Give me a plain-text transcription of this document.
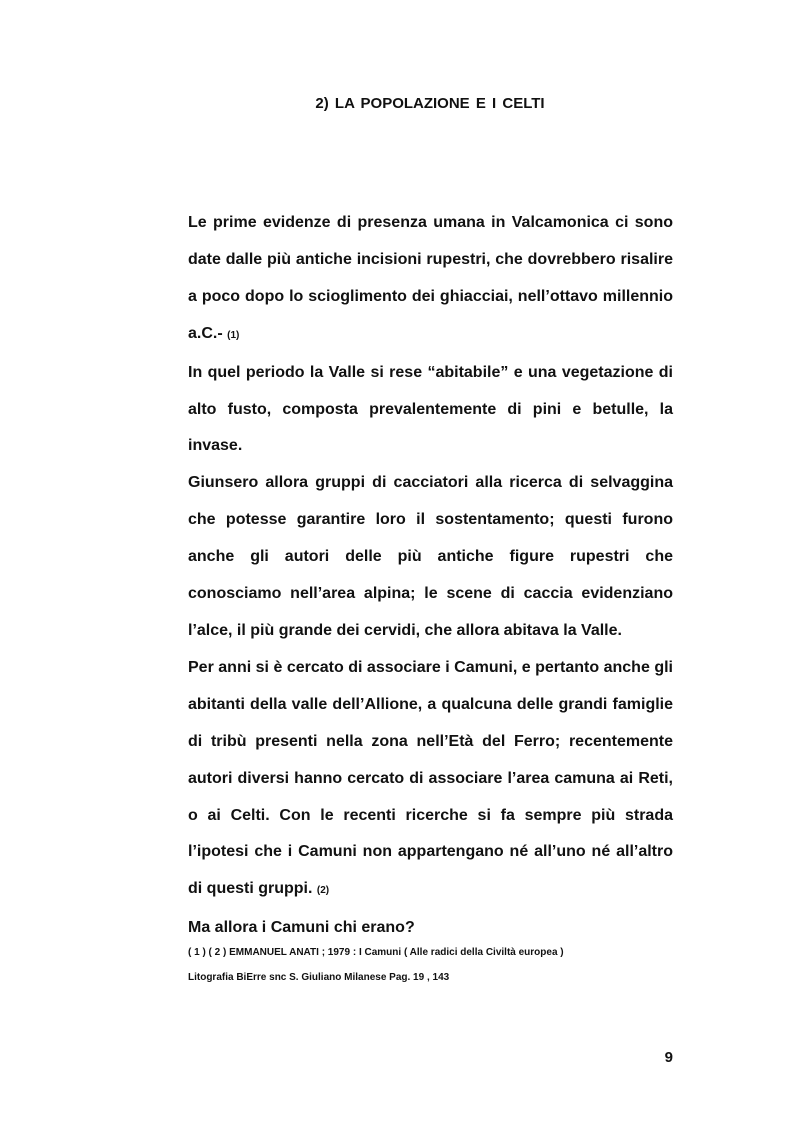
2) LA POPOLAZIONE E I CELTI

Le prime evidenze di presenza umana in Valcamonica ci sono date dalle più antiche incisioni rupestri, che dovrebbero risalire a poco dopo lo scioglimento dei ghiacciai, nell’ottavo millennio a.C.- (1)

In quel periodo la Valle si rese “abitabile” e una vegetazione di alto fusto, composta prevalentemente di pini e betulle, la invase.

Giunsero allora gruppi di cacciatori alla ricerca di selvaggina che potesse garantire loro il sostentamento; questi furono anche gli autori delle più antiche figure rupestri che conosciamo nell’area alpina; le scene di caccia evidenziano l’alce, il più grande dei cervidi, che allora abitava la Valle.

Per anni si è cercato di associare i Camuni, e pertanto anche gli abitanti della valle dell’Allione, a qualcuna delle grandi famiglie di tribù presenti nella zona nell’Età del Ferro; recentemente autori diversi hanno cercato di associare l’area camuna ai Reti, o ai Celti. Con le recenti ricerche si fa sempre più strada l’ipotesi che i Camuni non appartengano né all’uno né all’altro di questi gruppi. (2)

Ma allora i Camuni chi erano?

( 1 ) ( 2 ) EMMANUEL ANATI ; 1979 : I Camuni ( Alle radici della Civiltà europea )

Litografia BiErre snc S. Giuliano Milanese Pag. 19 , 143

9
